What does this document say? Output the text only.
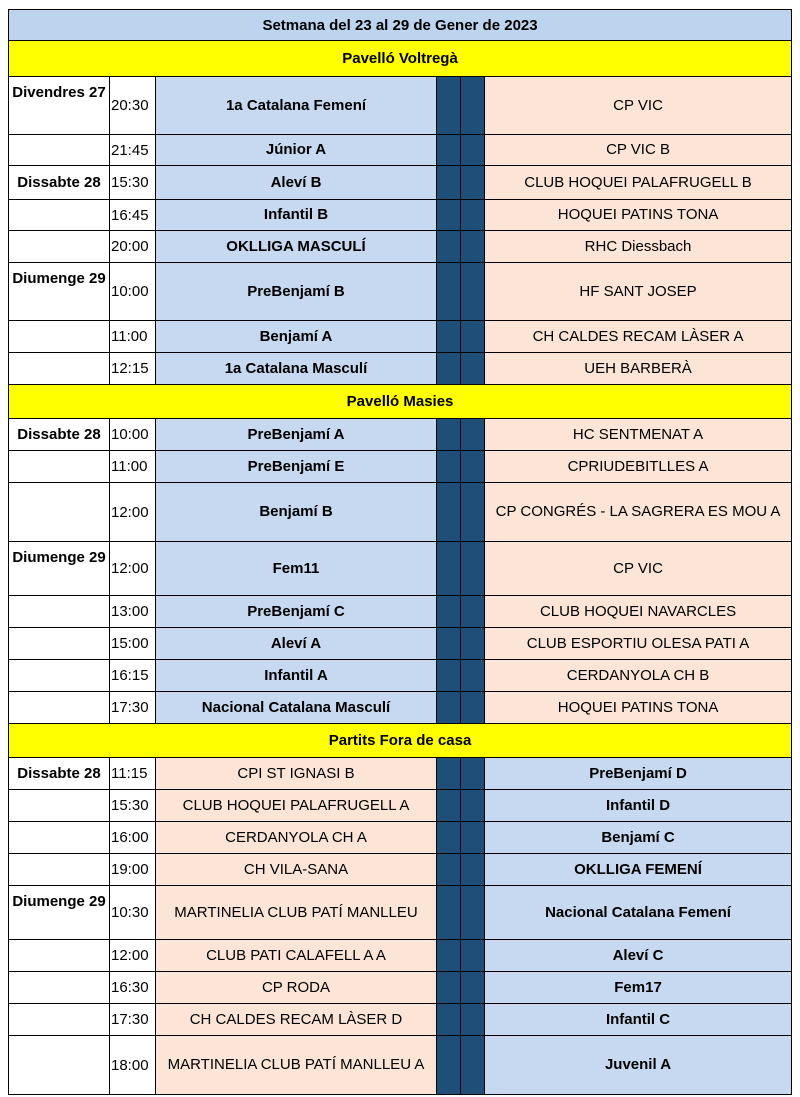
Setmana del 23 al 29 de Gener de 2023					
Pavelló Voltregà					
Divendres 27	20:30	1a Catalana Femení			CP VIC
	21:45	Júnior A			CP VIC B
Dissabte 28	15:30	Aleví B			CLUB HOQUEI PALAFRUGELL B
	16:45	Infantil B			HOQUEI PATINS TONA
	20:00	OKLLIGA MASCULÍ			RHC Diessbach
Diumenge 29	10:00	PreBenjamí B			HF SANT JOSEP
	11:00	Benjamí A			CH CALDES RECAM LÀSER A
	12:15	1a Catalana Masculí			UEH BARBERÀ
Pavelló Masies					
Dissabte 28	10:00	PreBenjamí A			HC SENTMENAT A
	11:00	PreBenjamí E			CPRIUDEBITLLES A
	12:00	Benjamí B			CP CONGRÉS - LA SAGRERA ES MOU A
Diumenge 29	12:00	Fem11			CP VIC
	13:00	PreBenjamí C			CLUB HOQUEI NAVARCLES
	15:00	Aleví A			CLUB ESPORTIU OLESA PATI A
	16:15	Infantil A			CERDANYOLA CH B
	17:30	Nacional Catalana Masculí			HOQUEI PATINS TONA
Partits Fora de casa					
Dissabte 28	11:15	CPI ST IGNASI B			PreBenjamí D
	15:30	CLUB HOQUEI PALAFRUGELL A			Infantil D
	16:00	CERDANYOLA CH A			Benjamí C
	19:00	CH VILA-SANA			OKLLIGA FEMENÍ
Diumenge 29	10:30	MARTINELIA CLUB PATÍ MANLLEU			Nacional Catalana Femení
	12:00	CLUB PATI CALAFELL A A			Aleví C
	16:30	CP RODA			Fem17
	17:30	CH CALDES RECAM LÀSER D			Infantil C
	18:00	MARTINELIA CLUB PATÍ MANLLEU A			Juvenil A
